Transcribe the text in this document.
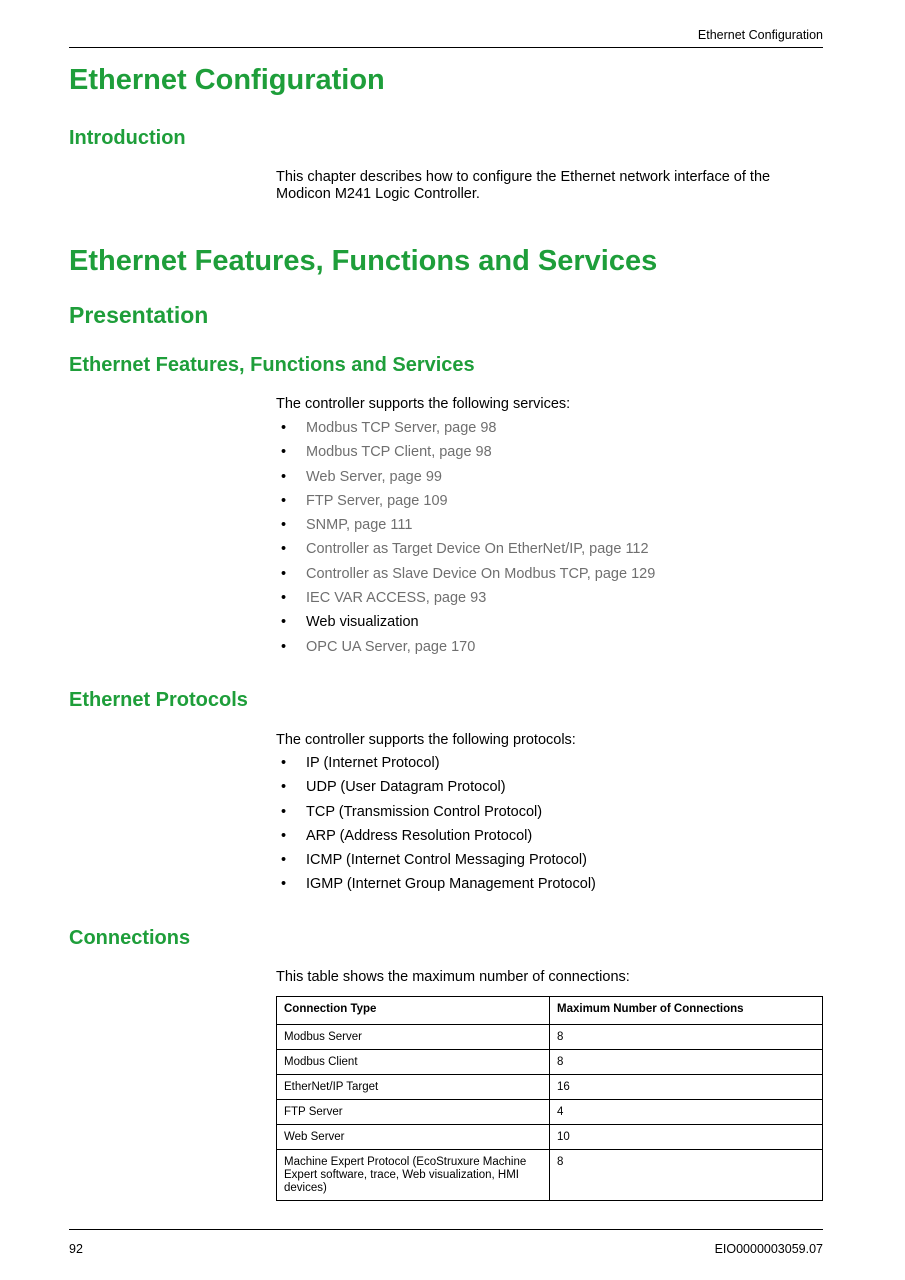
Ethernet Configuration
Ethernet Configuration
Introduction
This chapter describes how to configure the Ethernet network interface of the Modicon M241 Logic Controller.
Ethernet Features, Functions and Services
Presentation
Ethernet Features, Functions and Services
The controller supports the following services:
• Modbus TCP Server, page 98
• Modbus TCP Client, page 98
• Web Server, page 99
• FTP Server, page 109
• SNMP, page 111
• Controller as Target Device On EtherNet/IP, page 112
• Controller as Slave Device On Modbus TCP, page 129
• IEC VAR ACCESS, page 93
• Web visualization
• OPC UA Server, page 170
Ethernet Protocols
The controller supports the following protocols:
• IP (Internet Protocol)
• UDP (User Datagram Protocol)
• TCP (Transmission Control Protocol)
• ARP (Address Resolution Protocol)
• ICMP (Internet Control Messaging Protocol)
• IGMP (Internet Group Management Protocol)
Connections
This table shows the maximum number of connections:
Connection Type	Maximum Number of Connections
Modbus Server	8
Modbus Client	8
EtherNet/IP Target	16
FTP Server	4
Web Server	10
Machine Expert Protocol (EcoStruxure Machine Expert software, trace, Web visualization, HMI devices)	8
92	EIO0000003059.07
